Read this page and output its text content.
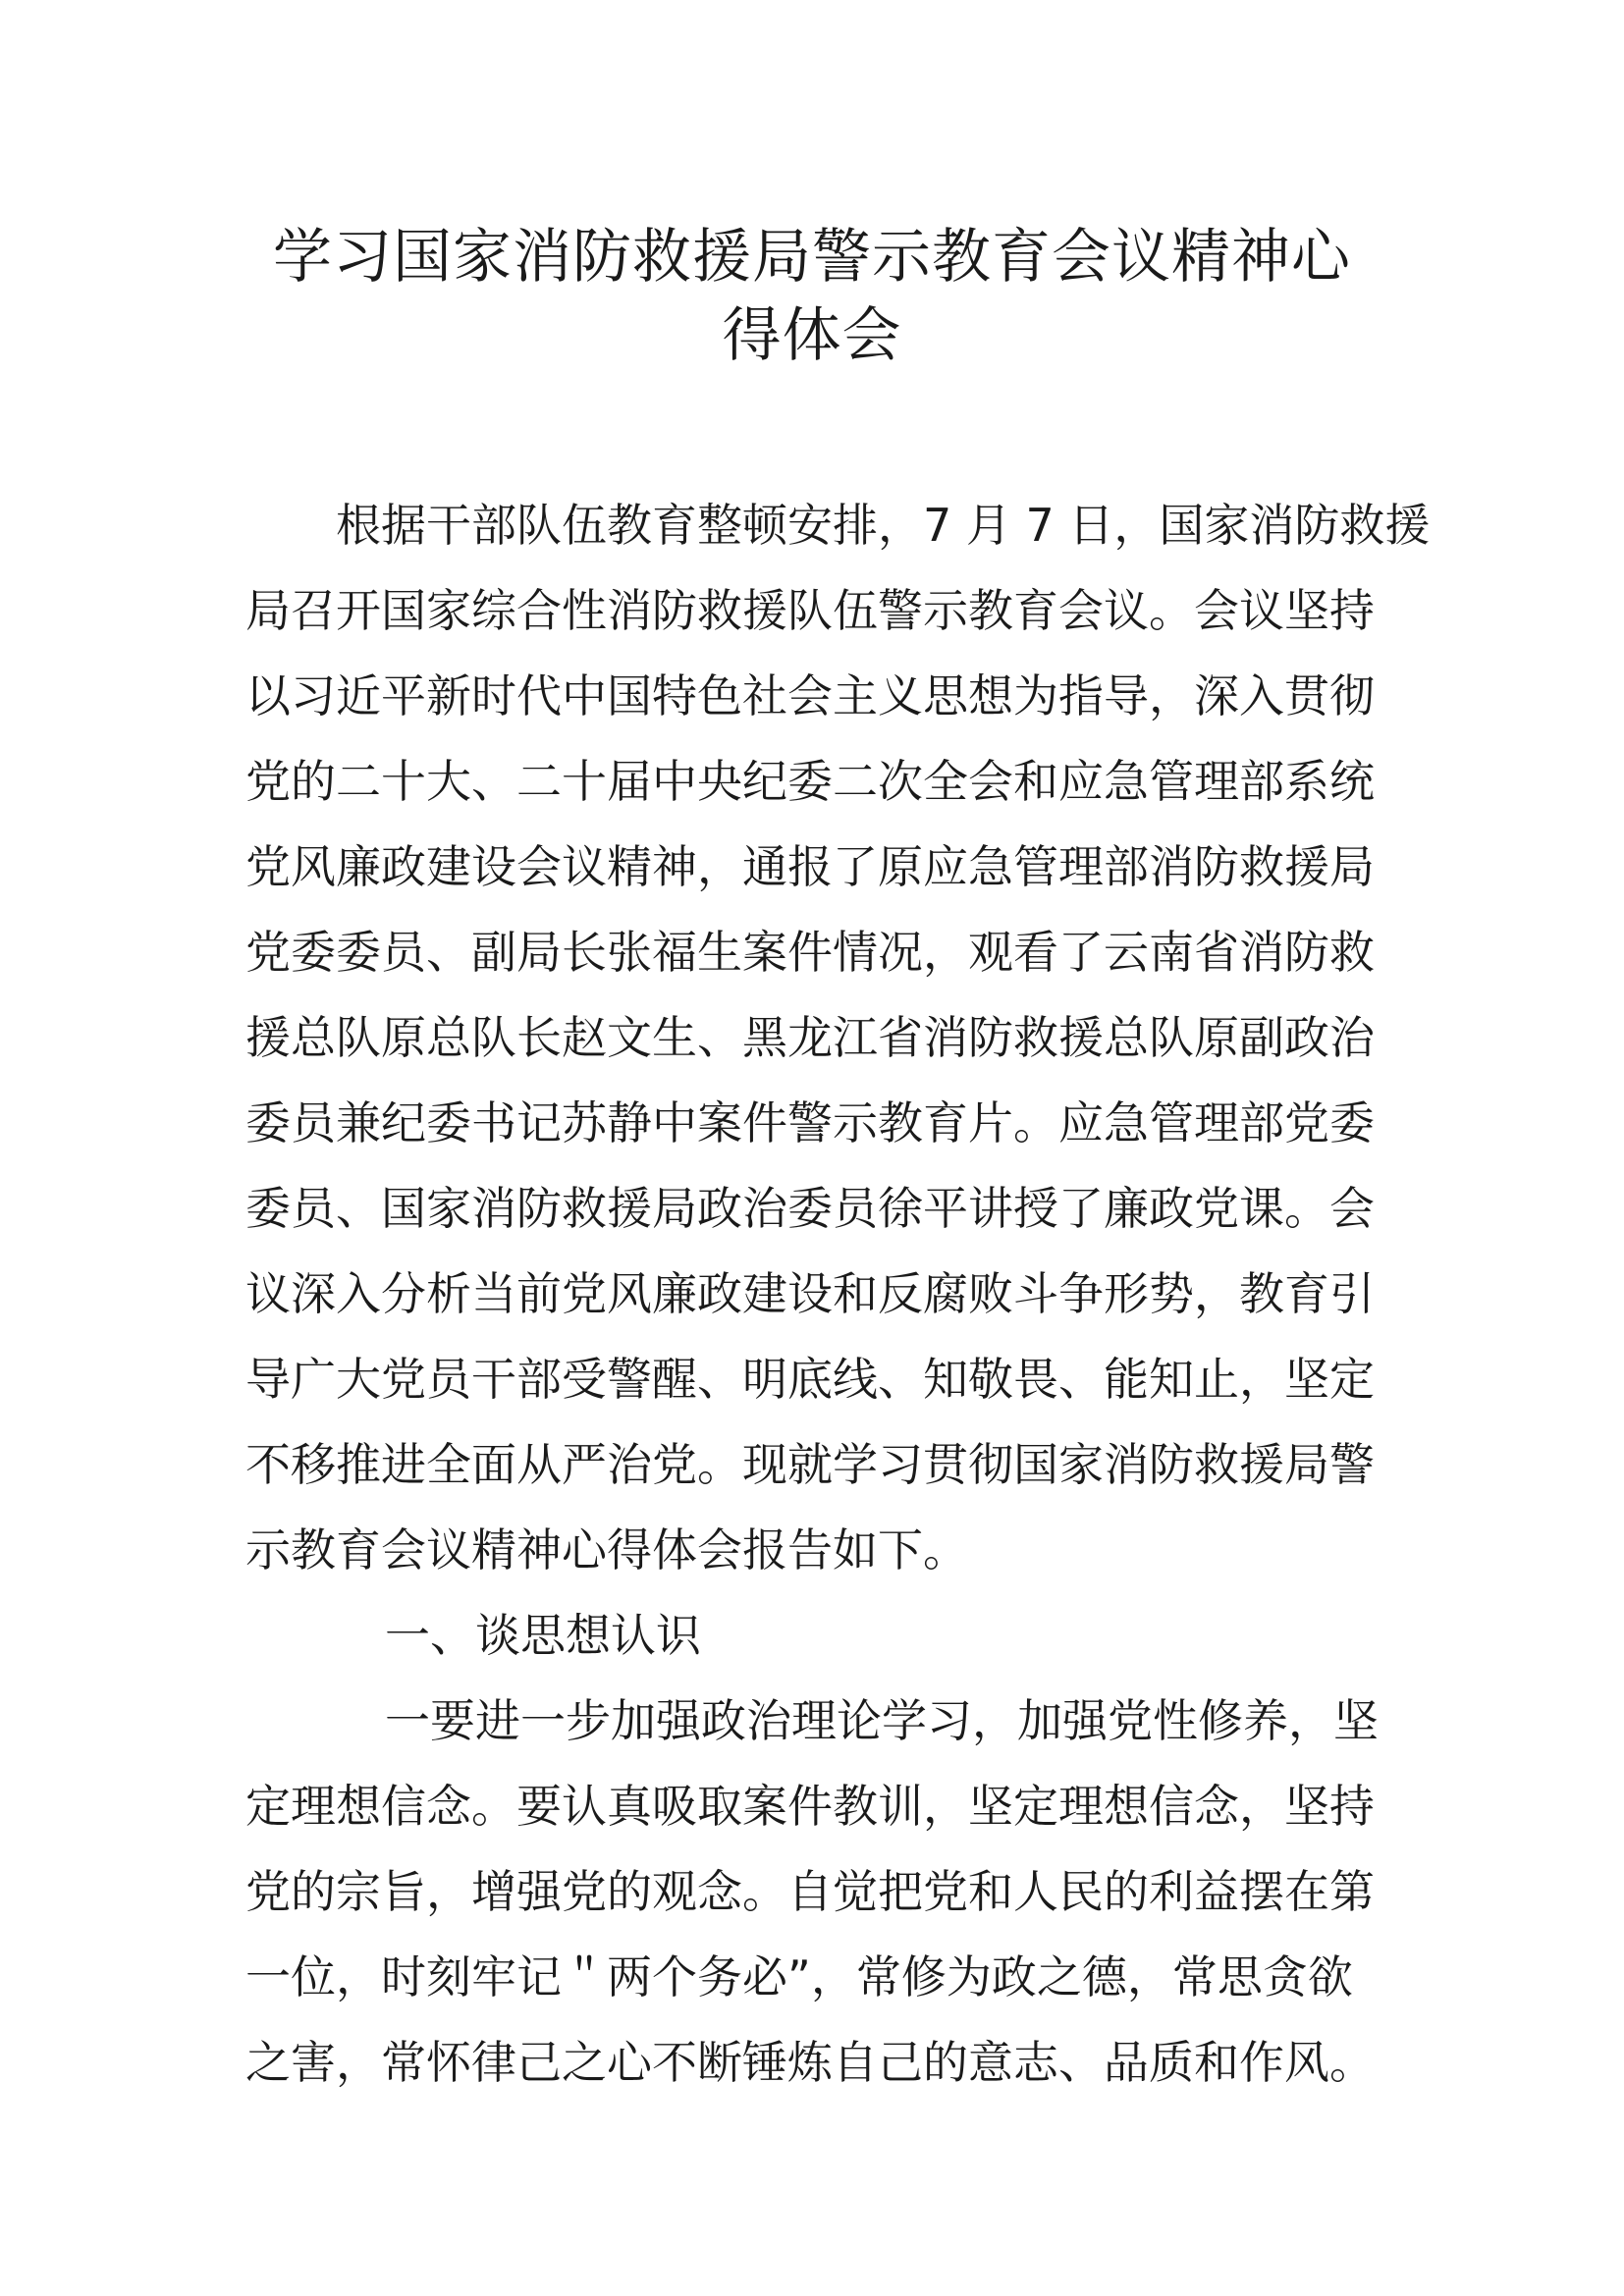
学习国家消防救援局警示教育会议精神心
得体会

根据干部队伍教育整顿安排，7 月 7 日，国家消防救援

局召开国家综合性消防救援队伍警示教育会议。会议坚持

以习近平新时代中国特色社会主义思想为指导，深入贯彻

党的二十大、二十届中央纪委二次全会和应急管理部系统

党风廉政建设会议精神，通报了原应急管理部消防救援局

党委委员、副局长张福生案件情况，观看了云南省消防救

援总队原总队长赵文生、黑龙江省消防救援总队原副政治

委员兼纪委书记苏静中案件警示教育片。应急管理部党委

委员、国家消防救援局政治委员徐平讲授了廉政党课。会

议深入分析当前党风廉政建设和反腐败斗争形势，教育引

导广大党员干部受警醒、明底线、知敬畏、能知止，坚定

不移推进全面从严治党。现就学习贯彻国家消防救援局警

示教育会议精神心得体会报告如下。

一、谈思想认识

一要进一步加强政治理论学习，加强党性修养，坚

定理想信念。要认真吸取案件教训，坚定理想信念，坚持

党的宗旨，增强党的观念。自觉把党和人民的利益摆在第

一位，时刻牢记＂两个务必”，常修为政之德，常思贪欲

之害，常怀律己之心不断锤炼自己的意志、品质和作风。
